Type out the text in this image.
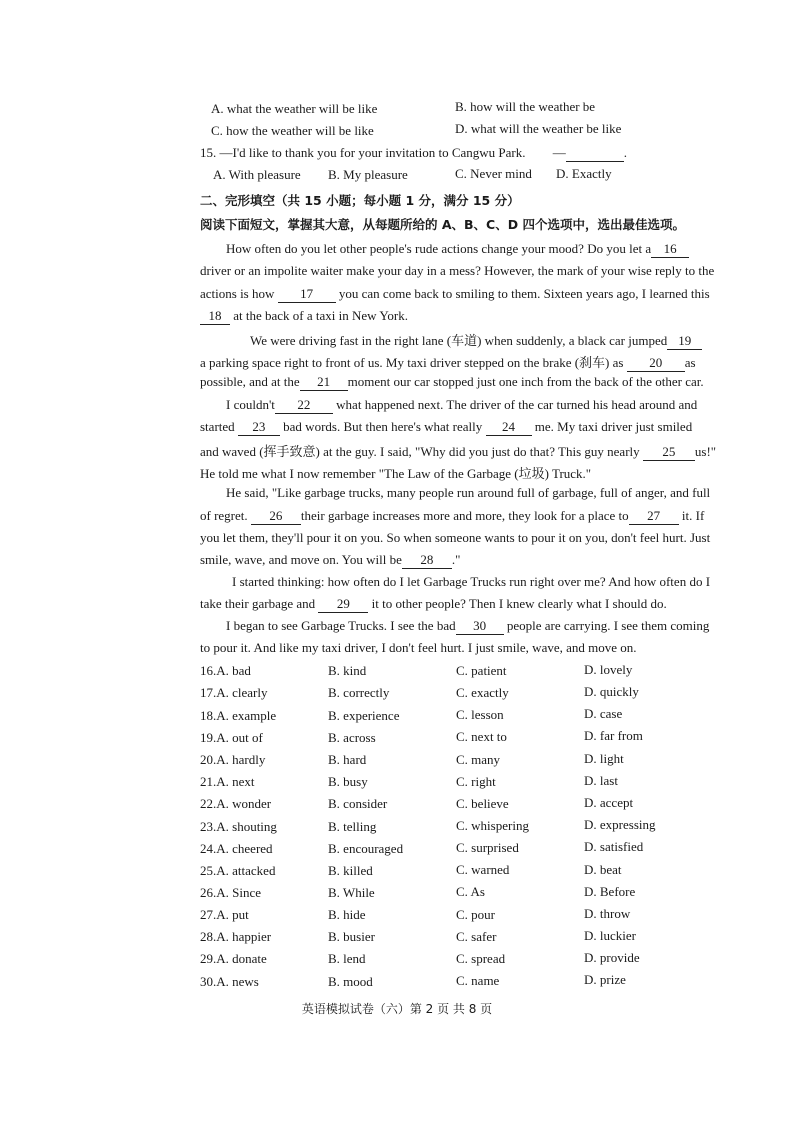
A. what the weather will be like	B. how will the weather be
C. how the weather will be like	D. what will the weather be like
15. —I'd like to thank you for your invitation to Cangwu Park. —	.
A. With pleasure B. My pleasure	C. Never mind D. Exactly
二、完形填空（共 15 小题；每小题 1 分，满分 15 分）
阅读下面短文，掌握其大意，从每题所给的 A、B、C、D 四个选项中，选出最佳选项。
How often do you let other people's rude actions change your mood? Do you let a 16
driver or an impolite waiter make your day in a mess? However, the mark of your wise reply to the
actions is how 17 you can come back to smiling to them. Sixteen years ago, I learned this
18 at the back of a taxi in New York.
We were driving fast in the right lane (车道) when suddenly, a black car jumped 19
a parking space right to front of us. My taxi driver stepped on the brake (刹车) as 20 as
possible, and at the 21 moment our car stopped just one inch from the back of the other car.
I couldn't 22 what happened next. The driver of the car turned his head around and
started 23 bad words. But then here's what really 24 me. My taxi driver just smiled
and waved (挥手致意) at the guy. I said, "Why did you just do that? This guy nearly 25 us!"
He told me what I now remember "The Law of the Garbage (垃圾) Truck."
He said, "Like garbage trucks, many people run around full of garbage, full of anger, and full
of regret. 26 their garbage increases more and more, they look for a place to 27 it. If
you let them, they'll pour it on you. So when someone wants to pour it on you, don't feel hurt. Just
smile, wave, and move on. You will be 28 ."
I started thinking: how often do I let Garbage Trucks run right over me? And how often do I
take their garbage and 29 it to other people? Then I knew clearly what I should do.
I began to see Garbage Trucks. I see the bad 30 people are carrying. I see them coming
to pour it. And like my taxi driver, I don't feel hurt. I just smile, wave, and move on.
16.A. bad	B. kind	C. patient	D. lovely
17.A. clearly	B. correctly	C. exactly	D. quickly
18.A. example	B. experience	C. lesson	D. case
19.A. out of	B. across	C. next to	D. far from
20.A. hardly	B. hard	C. many	D. light
21.A. next	B. busy	C. right	D. last
22.A. wonder	B. consider	C. believe	D. accept
23.A. shouting	B. telling	C. whispering	D. expressing
24.A. cheered	B. encouraged	C. surprised	D. satisfied
25.A. attacked	B. killed	C. warned	D. beat
26.A. Since	B. While	C. As	D. Before
27.A. put	B. hide	C. pour	D. throw
28.A. happier	B. busier	C. safer	D. luckier
29.A. donate	B. lend	C. spread	D. provide
30.A. news	B. mood	C. name	D. prize
英语模拟试卷（六）第 2 页 共 8 页
